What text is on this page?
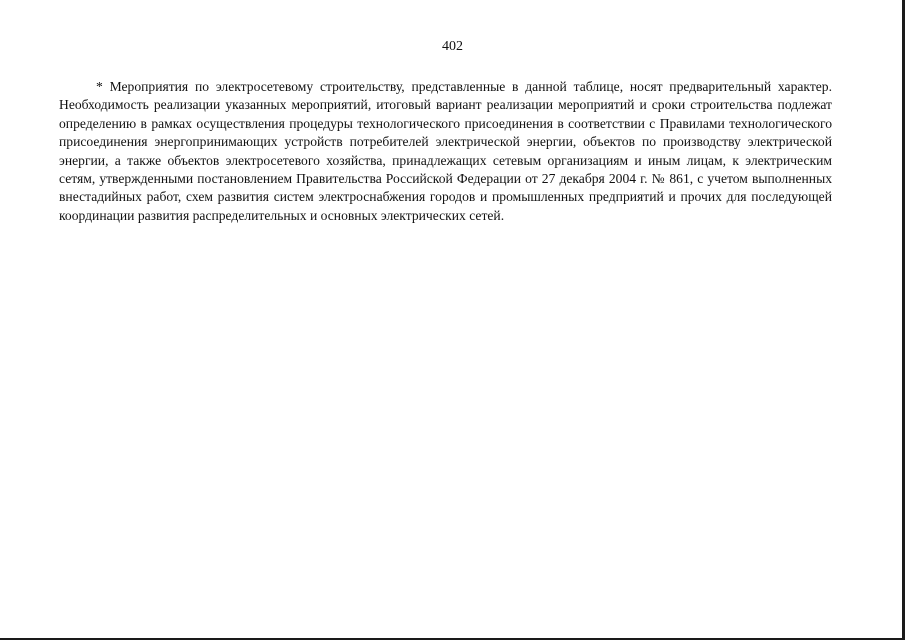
402

* Мероприятия по электросетевому строительству, представленные в данной таблице, носят предварительный характер. Необходимость реализации указанных мероприятий, итоговый вариант реализации мероприятий и сроки строительства подлежат определению в рамках осуществления процедуры технологического присоединения в соответствии с Правилами технологического присоединения энергопринимающих устройств потребителей электрической энергии, объектов по производству электрической энергии, а также объектов электросетевого хозяйства, принадлежащих сетевым организациям и иным лицам, к электрическим сетям, утвержденными постановлением Правительства Российской Федерации от 27 декабря 2004 г. № 861, с учетом выполненных внестадийных работ, схем развития систем электроснабжения городов и промышленных предприятий и прочих для последующей координации развития распределительных и основных электрических сетей.
